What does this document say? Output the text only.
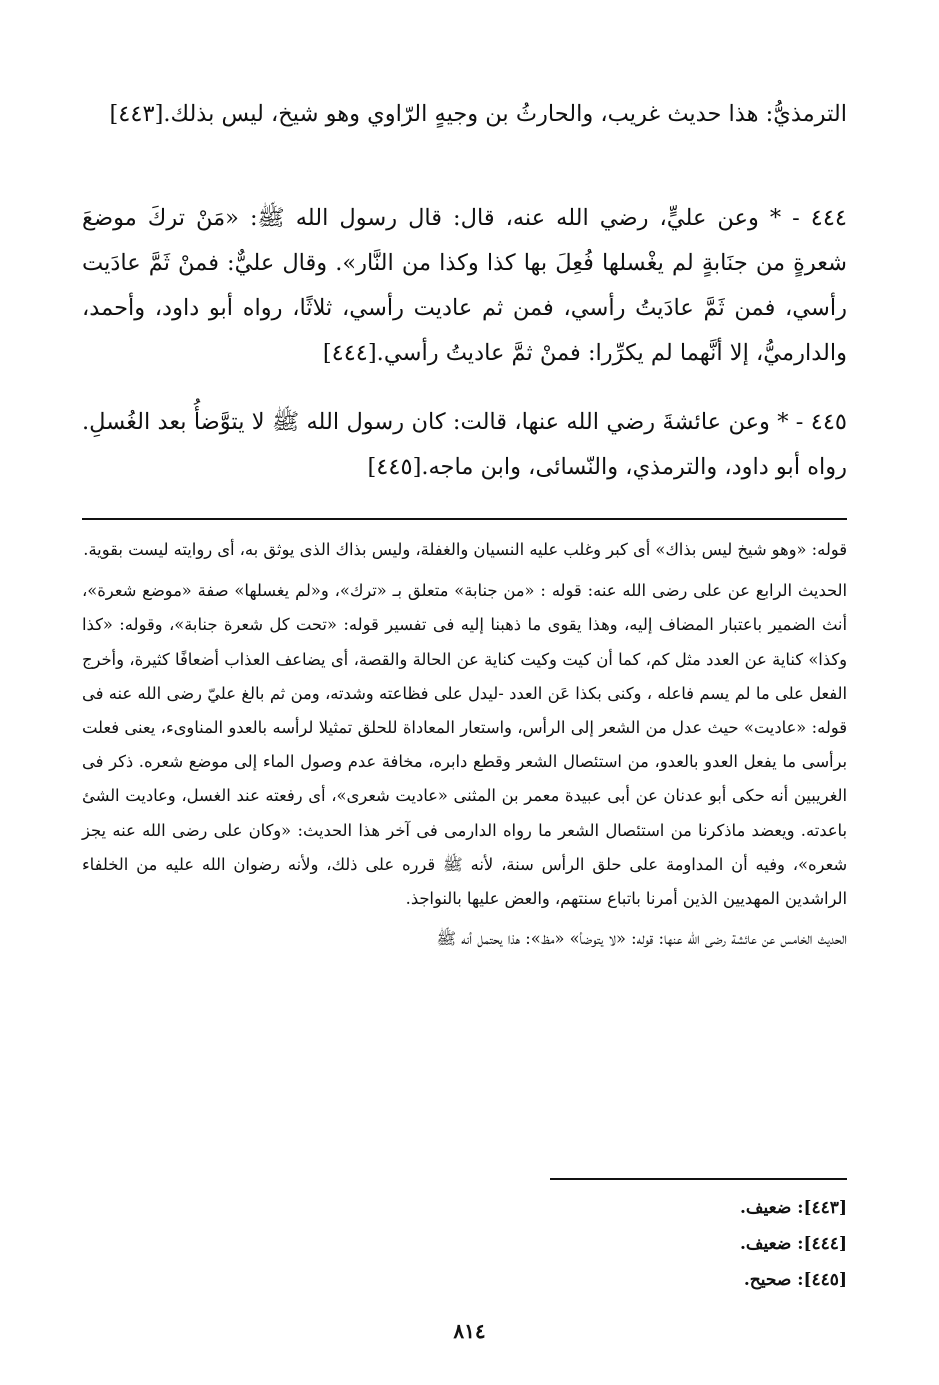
الترمذيُّ: هذا حديث غريب، والحارثُ بن وجيهٍ الرّاوي وهو شيخ، ليس بذلك.[٤٤٣]

٤٤٤ - * وعن عليٍّ، رضي الله عنه، قال: قال رسول الله ﷺ: «مَنْ تركَ موضعَ شعرةٍ من جنَابةٍ لم يغْسلها فُعِلَ بها كذا وكذا من النَّار». وقال عليٌّ: فمنْ ثَمَّ عادَيت رأسي، فمن ثَمَّ عادَيتُ رأسي، فمن ثم عاديت رأسي، ثلاثًا، رواه أبو داود، وأحمد، والدارميُّ، إلا أنَّهما لم يكرِّرا: فمنْ ثمَّ عاديتُ رأسي.[٤٤٤]

٤٤٥ - * وعن عائشةَ رضي الله عنها، قالت: كان رسول الله ﷺ لا يتوَّضأُ بعد الغُسلِ. رواه أبو داود، والترمذي، والنّسائى، وابن ماجه.[٤٤٥]

قوله: «وهو شيخ ليس بذاك» أى كبر وغلب عليه النسيان والغفلة، وليس بذاك الذى يوثق به، أى روايته ليست بقوية.

الحديث الرابع عن على رضى الله عنه: قوله : «من جنابة» متعلق بـ «ترك»، و«لم يغسلها» صفة «موضع شعرة»، أنث الضمير باعتبار المضاف إليه، وهذا يقوى ما ذهبنا إليه فى تفسير قوله: «تحت كل شعرة جنابة»، وقوله: «كذا وكذا» كناية عن العدد مثل كم، كما أن كيت وكيت كناية عن الحالة والقصة، أى يضاعف العذاب أضعافًا كثيرة، وأخرج الفعل على ما لم يسم فاعله ، وكنى بكذا عَن العدد -ليدل على فظاعته وشدته، ومن ثم بالغ عليّ رضى الله عنه فى قوله: «عاديت» حيث عدل من الشعر إلى الرأس، واستعار المعاداة للحلق تمثيلا لرأسه بالعدو المناوىء، يعنى فعلت برأسى ما يفعل العدو بالعدو، من استئصال الشعر وقطع دابره، مخافة عدم وصول الماء إلى موضع شعره. ذكر فى الغريبين أنه حكى أبو عدنان عن أبى عبيدة معمر بن المثنى «عاديت شعرى»، أى رفعته عند الغسل، وعاديت الشئ باعدته. ويعضد ماذكرنا من استئصال الشعر ما رواه الدارمى فى آخر هذا الحديث: «وكان على رضى الله عنه يجز شعره»، وفيه أن المداومة على حلق الرأس سنة، لأنه ﷺ قرره على ذلك، ولأنه رضوان الله عليه من الخلفاء الراشدين المهديين الذين أمرنا باتباع سنتهم، والعض عليها بالنواجذ.

الحديث الخامس عن عائشة رضى الله عنها: قوله: «لا يتوضأ» «مظ»: هذا يحتمل أنه ﷺ

[٤٤٣]: ضعيف.
[٤٤٤]: ضعيف.
[٤٤٥]: صحيح.
٨١٤
